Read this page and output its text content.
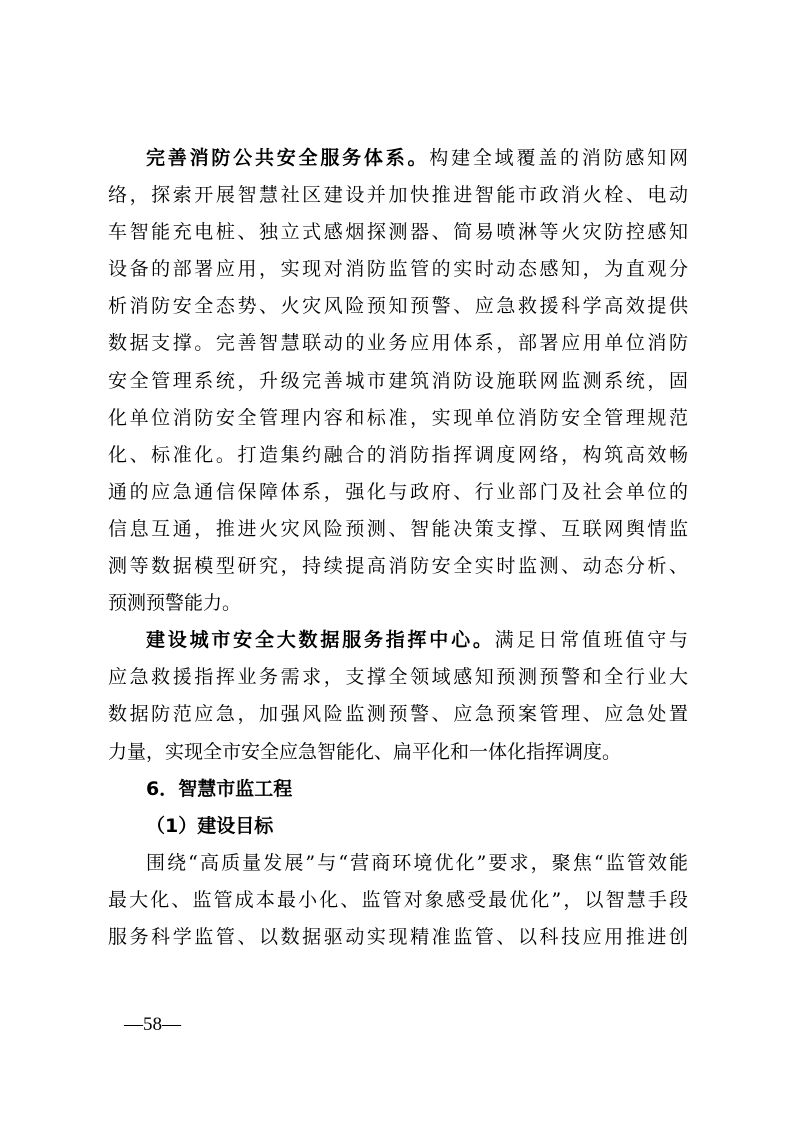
完善消防公共安全服务体系。构建全域覆盖的消防感知网
络，探索开展智慧社区建设并加快推进智能市政消火栓、电动
车智能充电桩、独立式感烟探测器、简易喷淋等火灾防控感知
设备的部署应用，实现对消防监管的实时动态感知，为直观分
析消防安全态势、火灾风险预知预警、应急救援科学高效提供
数据支撑。完善智慧联动的业务应用体系，部署应用单位消防
安全管理系统，升级完善城市建筑消防设施联网监测系统，固
化单位消防安全管理内容和标准，实现单位消防安全管理规范
化、标准化。打造集约融合的消防指挥调度网络，构筑高效畅
通的应急通信保障体系，强化与政府、行业部门及社会单位的
信息互通，推进火灾风险预测、智能决策支撑、互联网舆情监
测等数据模型研究，持续提高消防安全实时监测、动态分析、
预测预警能力。
建设城市安全大数据服务指挥中心。满足日常值班值守与
应急救援指挥业务需求，支撑全领域感知预测预警和全行业大
数据防范应急，加强风险监测预警、应急预案管理、应急处置
力量，实现全市安全应急智能化、扁平化和一体化指挥调度。
6．智慧市监工程
（1）建设目标
围绕“高质量发展”与“营商环境优化”要求，聚焦“监管效能
最大化、监管成本最小化、监管对象感受最优化”，以智慧手段
服务科学监管、以数据驱动实现精准监管、以科技应用推进创
—58—
